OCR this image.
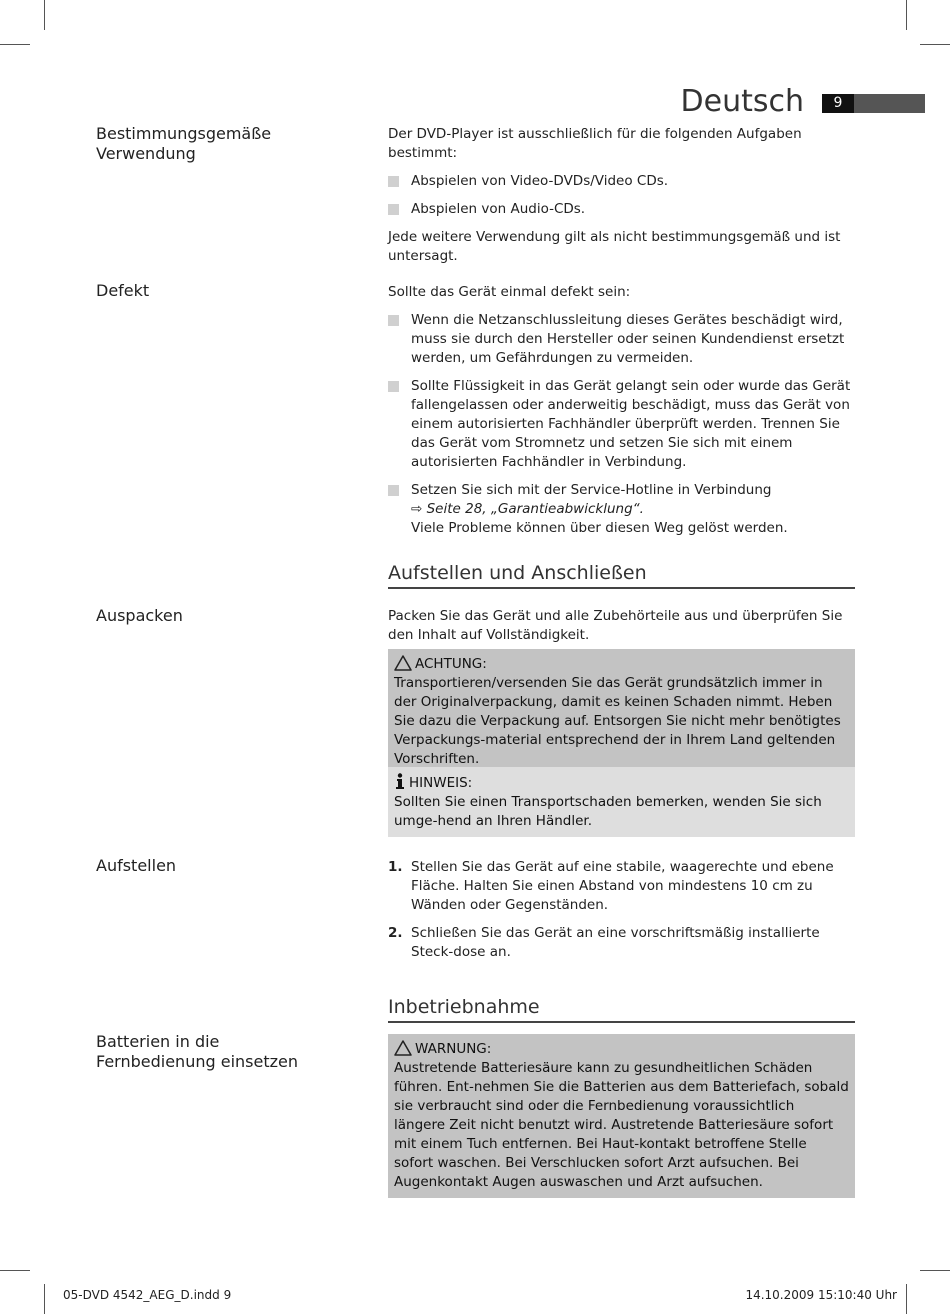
Deutsch	9
Bestimmungsgemäße
Verwendung

Der DVD-Player ist ausschließlich für die folgenden Aufgaben bestimmt:

Abspielen von Video-DVDs/Video CDs.
Abspielen von Audio-CDs.

Jede weitere Verwendung gilt als nicht bestimmungsgemäß und ist untersagt.

Defekt	Sollte das Gerät einmal defekt sein:

Wenn die Netzanschlussleitung dieses Gerätes beschädigt wird, muss sie durch den Hersteller oder seinen Kundendienst ersetzt werden, um Gefährdungen zu vermeiden.
Sollte Flüssigkeit in das Gerät gelangt sein oder wurde das Gerät fallengelassen oder anderweitig beschädigt, muss das Gerät von einem autorisierten Fachhändler überprüft werden. Trennen Sie das Gerät vom Stromnetz und setzen Sie sich mit einem autorisierten Fachhändler in Verbindung.
Setzen Sie sich mit der Service-Hotline in Verbindung
⇨ Seite 28, „Garantieabwicklung“.
Viele Probleme können über diesen Weg gelöst werden.
Aufstellen und Anschließen
Auspacken	Packen Sie das Gerät und alle Zubehörteile aus und überprüfen Sie den Inhalt auf Vollständigkeit.
ACHTUNG:
Transportieren/versenden Sie das Gerät grundsätzlich immer in der Originalverpackung, damit es keinen Schaden nimmt. Heben Sie dazu die Verpackung auf. Entsorgen Sie nicht mehr benötigtes Verpackungs-material entsprechend der in Ihrem Land geltenden Vorschriften.
HINWEIS:
Sollten Sie einen Transportschaden bemerken, wenden Sie sich umge-hend an Ihren Händler.
Aufstellen	1. Stellen Sie das Gerät auf eine stabile, waagerechte und ebene Fläche. Halten Sie einen Abstand von mindestens 10 cm zu Wänden oder Gegenständen.
2. Schließen Sie das Gerät an eine vorschriftsmäßig installierte Steck-dose an.
Inbetriebnahme
Batterien in die
Fernbedienung einsetzen
WARNUNG:
Austretende Batteriesäure kann zu gesundheitlichen Schäden führen. Ent-nehmen Sie die Batterien aus dem Batteriefach, sobald sie verbraucht sind oder die Fernbedienung voraussichtlich längere Zeit nicht benutzt wird. Austretende Batteriesäure sofort mit einem Tuch entfernen. Bei Haut-kontakt betroffene Stelle sofort waschen. Bei Verschlucken sofort Arzt aufsuchen. Bei Augenkontakt Augen auswaschen und Arzt aufsuchen.
05-DVD 4542_AEG_D.indd 9	14.10.2009 15:10:40 Uhr
